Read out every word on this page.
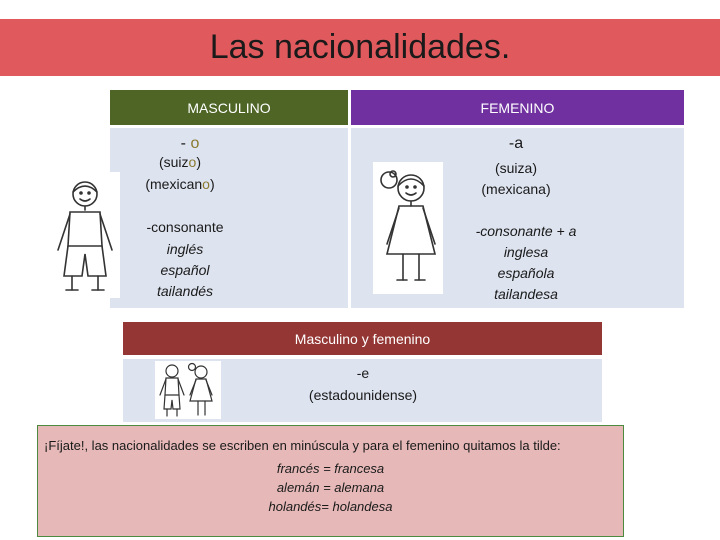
Las nacionalidades.
MASCULINO	FEMENINO
- o
(suizo)
(mexicano)
-consonante
inglés
español
tailandés
-a
(suiza)
(mexicana)
-consonante + a
inglesa
española
tailandesa
Masculino y femenino
-e
(estadounidense)
¡Fíjate!, las nacionalidades se escriben en minúscula y para el femenino quitamos la tilde:
francés = francesa
alemán = alemana
holandés= holandesa
